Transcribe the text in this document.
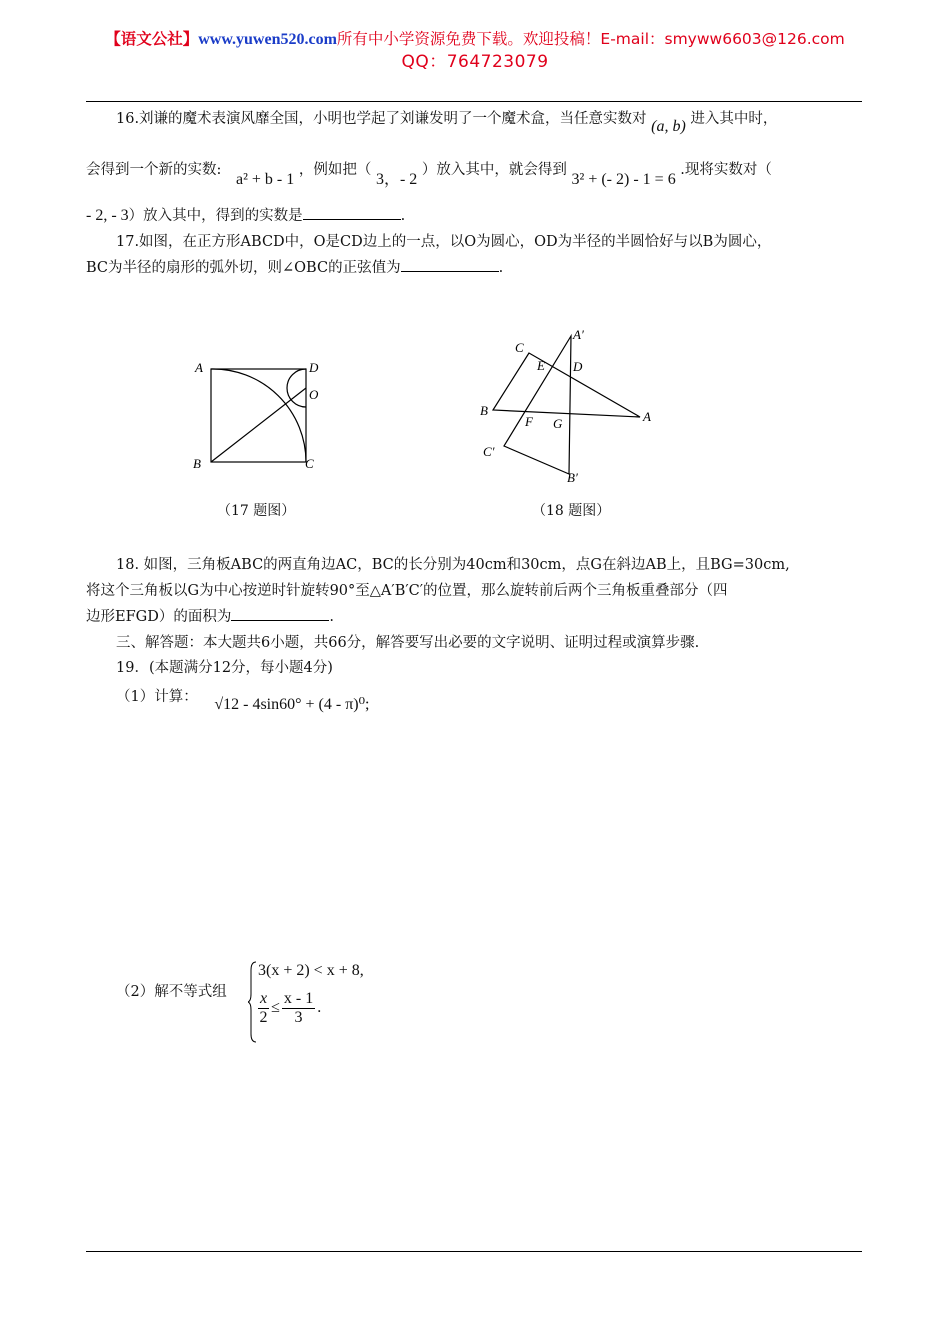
【语文公社】www.yuwen520.com所有中小学资源免费下载。欢迎投稿！E-mail：smyww6603@126.com
QQ：764723079
16.刘谦的魔术表演风靡全国，小明也学起了刘谦发明了一个魔术盒，当任意实数对 (a, b) 进入其中时，
会得到一个新的实数: a² + b - 1 ，例如把（ 3，- 2 ）放入其中，就会得到 3² + (- 2) - 1 = 6 .现将实数对（
- 2, - 3）放入其中，得到的实数是	.
17.如图，在正方形ABCD中，O是CD边上的一点，以O为圆心，OD为半径的半圆恰好与以B为圆心，
BC为半径的扇形的弧外切，则∠OBC的正弦值为	.
A	D
O
B	C
（17 题图）
A′
C
E D
B	A
F G
C′
B′
（18 题图）
18. 如图，三角板ABC的两直角边AC，BC的长分别为40cm和30cm，点G在斜边AB上，且BG=30cm,
将这个三角板以G为中心按逆时针旋转90°至△A′B′C′的位置，那么旋转前后两个三角板重叠部分（四
边形EFGD）的面积为	.
三、解答题：本大题共6小题，共66分，解答要写出必要的文字说明、证明过程或演算步骤.
19．(本题满分12分，每小题4分)
（1）计算： √12 - 4sin60° + (4 - π)⁰;
（2）解不等式组
3(x + 2) < x + 8,
$\frac{x}{2} \le \frac{x - 1}{3}$ .
